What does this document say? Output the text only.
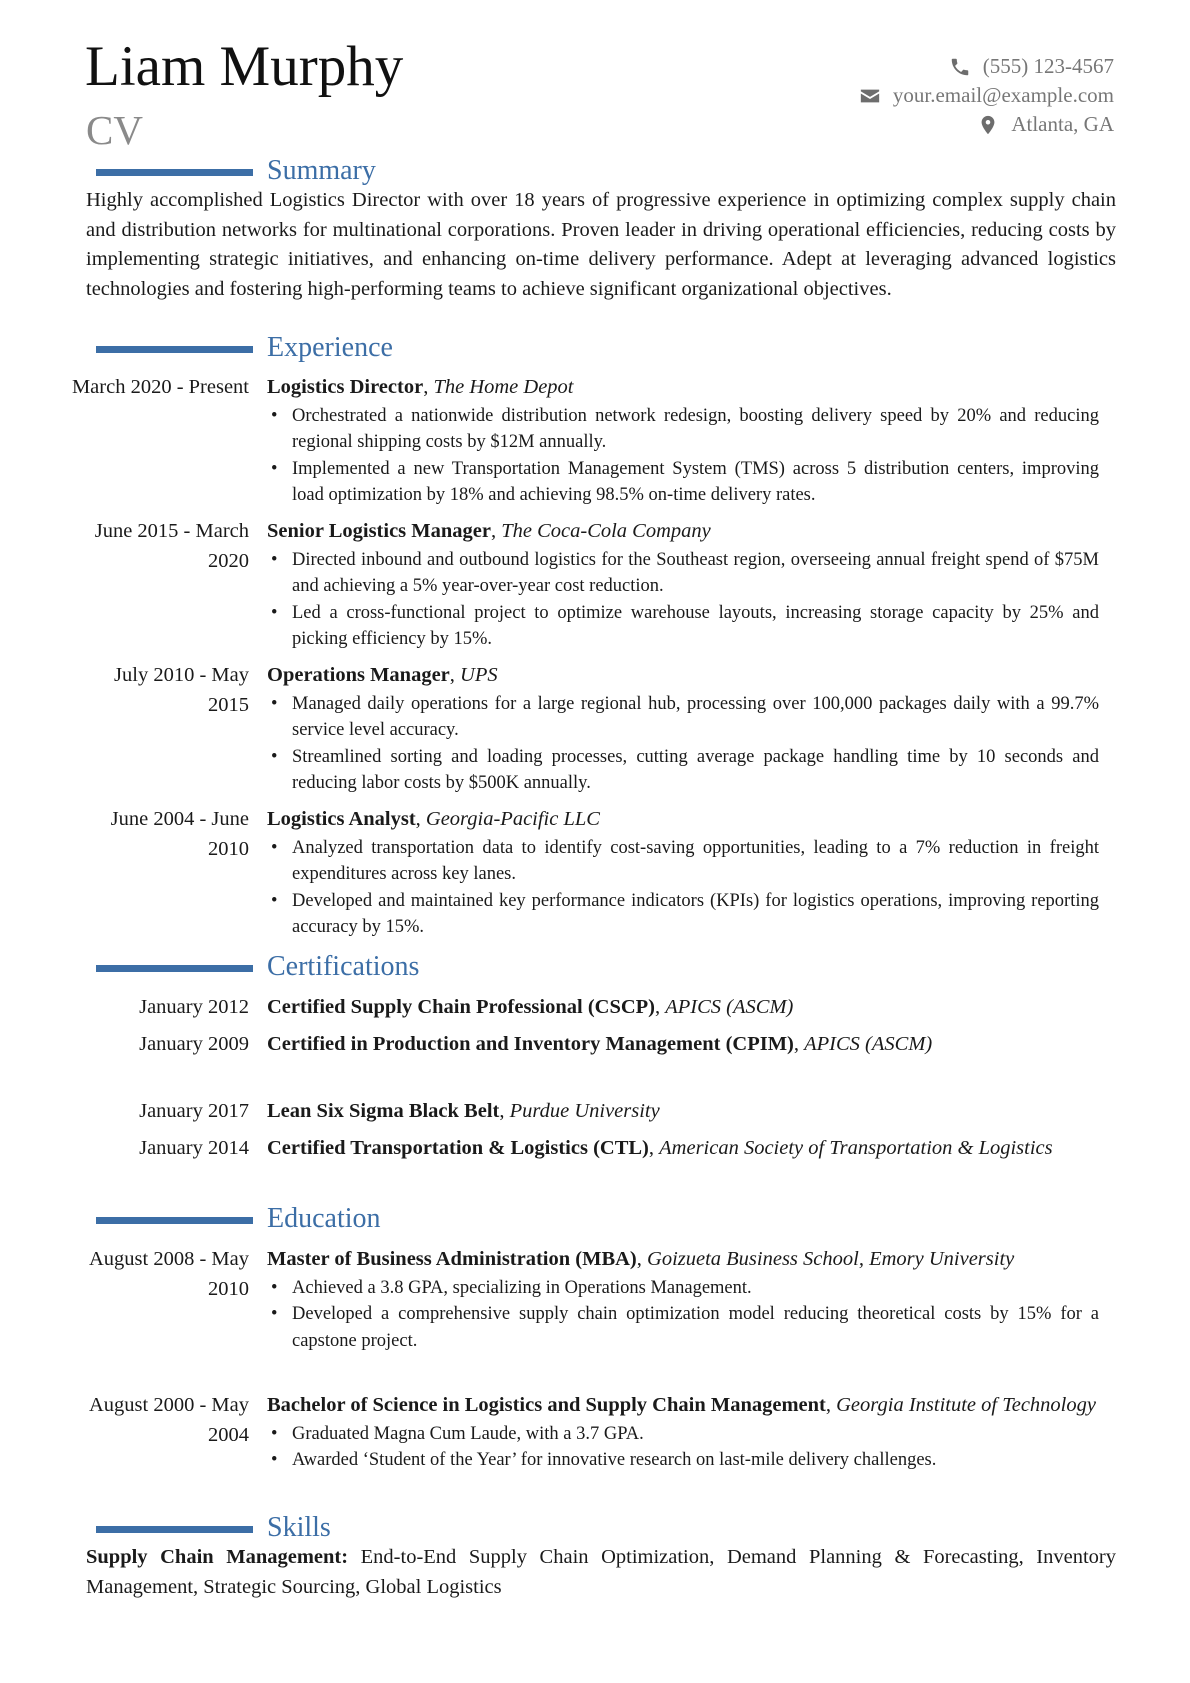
Liam Murphy
CV
(555) 123-4567
your.email@example.com
Atlanta, GA
Summary
Highly accomplished Logistics Director with over 18 years of progressive experience in optimizing complex supply chain and distribution networks for multinational corporations. Proven leader in driving operational efficiencies, reducing costs by implementing strategic initiatives, and enhancing on-time delivery performance. Adept at leveraging advanced logistics technologies and fostering high-performing teams to achieve significant organizational objectives.
Experience
March 2020 - Present Logistics Director, The Home Depot
• Orchestrated a nationwide distribution network redesign, boosting delivery speed by 20% and reducing regional shipping costs by $12M annually.
• Implemented a new Transportation Management System (TMS) across 5 distribution centers, improving load optimization by 18% and achieving 98.5% on-time delivery rates.
June 2015 - March 2020
Senior Logistics Manager, The Coca-Cola Company
• Directed inbound and outbound logistics for the Southeast region, overseeing annual freight spend of $75M and achieving a 5% year-over-year cost reduction.
• Led a cross-functional project to optimize warehouse layouts, increasing storage capacity by 25% and picking efficiency by 15%.
July 2010 - May 2015
Operations Manager, UPS
• Managed daily operations for a large regional hub, processing over 100,000 packages daily with a 99.7% service level accuracy.
• Streamlined sorting and loading processes, cutting average package handling time by 10 seconds and reducing labor costs by $500K annually.
June 2004 - June 2010
Logistics Analyst, Georgia-Pacific LLC
• Analyzed transportation data to identify cost-saving opportunities, leading to a 7% reduction in freight expenditures across key lanes.
• Developed and maintained key performance indicators (KPIs) for logistics operations, improving reporting accuracy by 15%.
Certifications
January 2012 Certified Supply Chain Professional (CSCP), APICS (ASCM)
January 2009 Certified in Production and Inventory Management (CPIM), APICS (ASCM)
January 2017 Lean Six Sigma Black Belt, Purdue University
January 2014 Certified Transportation & Logistics (CTL), American Society of Transportation & Logistics
Education
August 2008 - May 2010
Master of Business Administration (MBA), Goizueta Business School, Emory University
• Achieved a 3.8 GPA, specializing in Operations Management.
• Developed a comprehensive supply chain optimization model reducing theoretical costs by 15% for a capstone project.
August 2000 - May 2004
Bachelor of Science in Logistics and Supply Chain Management, Georgia Institute of Technology
• Graduated Magna Cum Laude, with a 3.7 GPA.
• Awarded ‘Student of the Year’ for innovative research on last-mile delivery challenges.
Skills
Supply Chain Management: End-to-End Supply Chain Optimization, Demand Planning & Forecasting, Inventory Management, Strategic Sourcing, Global Logistics
